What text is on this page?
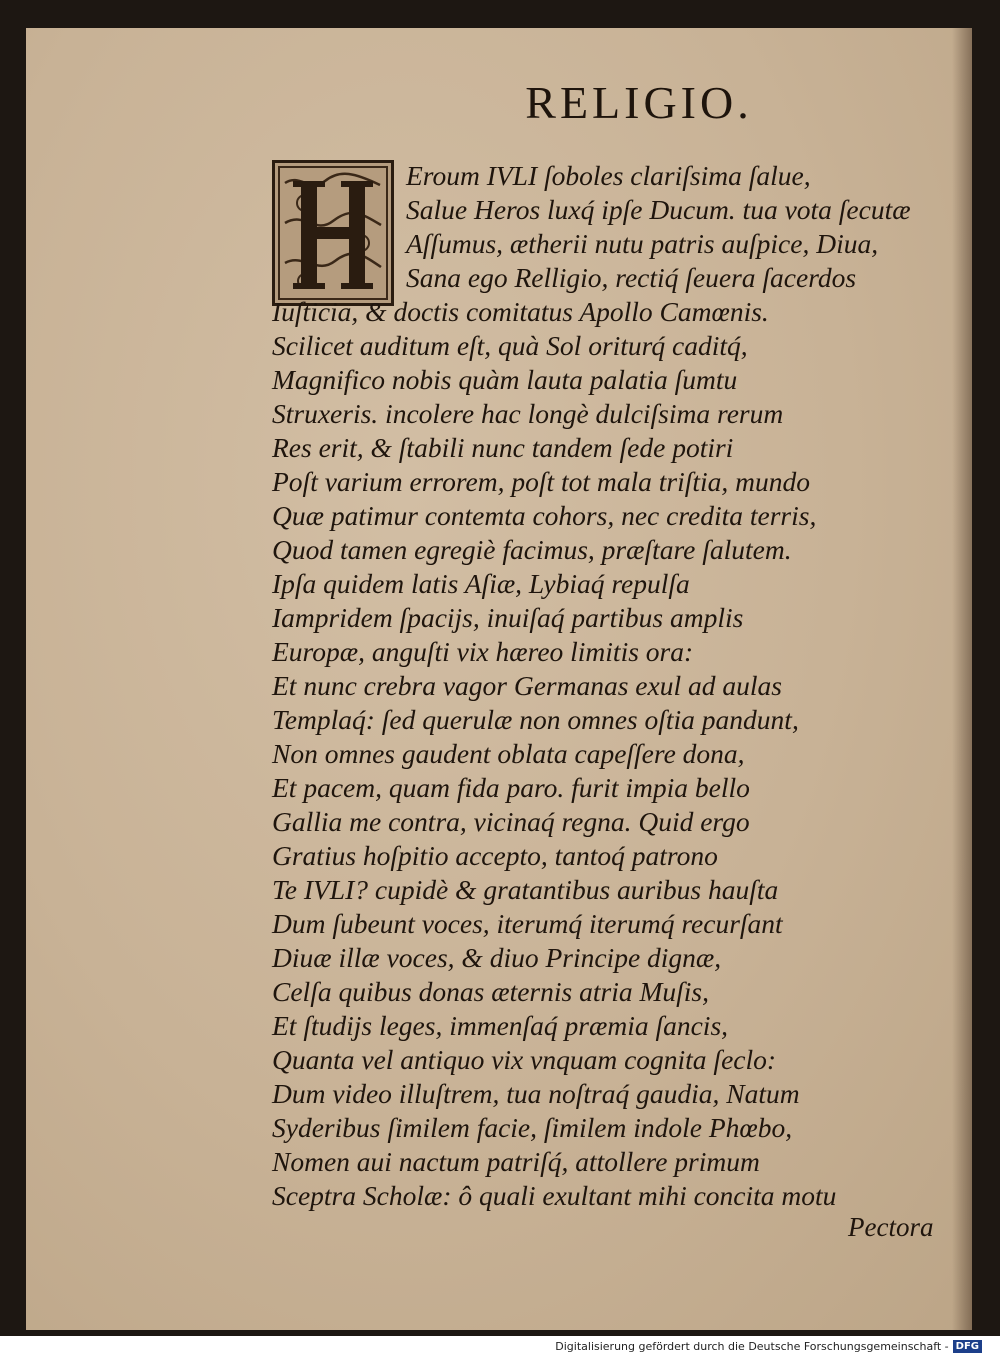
RELIGIO.
Eroum IVLI ſoboles clariſsima ſalue,
Salue Heros luxq́ ipſe Ducum. tua vota ſecutæ
Aſſumus, ætherii nutu patris auſpice, Diua,
Sana ego Relligio, rectiq́ ſeuera ſacerdos
Iuſticia, & doctis comitatus Apollo Camœnis.
Scilicet auditum eſt, quà Sol oriturq́ caditq́,
Magnifico nobis quàm lauta palatia ſumtu
Struxeris. incolere hac longè dulciſsima rerum
Res erit, & ſtabili nunc tandem ſede potiri
Poſt varium errorem, poſt tot mala triſtia, mundo
Quæ patimur contemta cohors, nec credita terris,
Quod tamen egregiè facimus, præſtare ſalutem.
Ipſa quidem latis Aſiæ, Lybiaq́ repulſa
Iampridem ſpacijs, inuiſaq́ partibus amplis
Europæ, anguſti vix hæreo limitis ora:
Et nunc crebra vagor Germanas exul ad aulas
Templaq́: ſed querulæ non omnes oſtia pandunt,
Non omnes gaudent oblata capeſſere dona,
Et pacem, quam fida paro. furit impia bello
Gallia me contra, vicinaq́ regna. Quid ergo
Gratius hoſpitio accepto, tantoq́ patrono
Te IVLI? cupidè & gratantibus auribus hauſta
Dum ſubeunt voces, iterumq́ iterumq́ recurſant
Diuæ illæ voces, & diuo Principe dignæ,
Celſa quibus donas æternis atria Muſis,
Et ſtudijs leges, immenſaq́ præmia ſancis,
Quanta vel antiquo vix vnquam cognita ſeclo:
Dum video illuſtrem, tua noſtraq́ gaudia, Natum
Syderibus ſimilem facie, ſimilem indole Phœbo,
Nomen aui nactum patriſq́, attollere primum
Sceptra Scholæ: ô quali exultant mihi concita motu
Pectora
Digitalisierung gefördert durch die Deutsche Forschungsgemeinschaft - DFG
